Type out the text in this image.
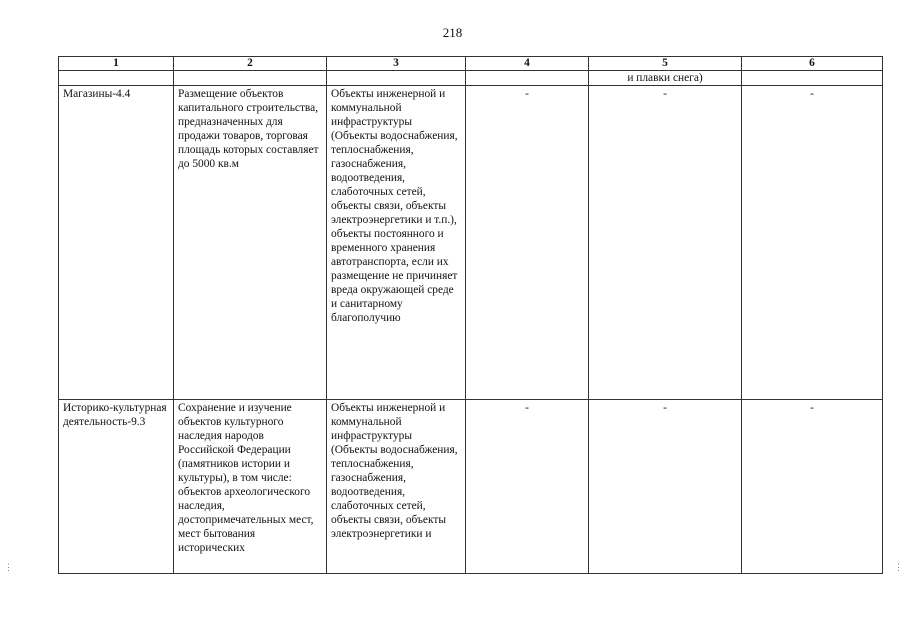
218
1	2	3	4	5	6
				и плавки снега)	
Магазины-4.4	Размещение объектов капитального строительства, предназначенных для продажи товаров, торговая площадь которых составляет до 5000 кв.м	Объекты инженерной и коммунальной инфраструктуры (Объекты водоснабжения, теплоснабжения, газоснабжения, водоотведения, слаботочных сетей, объекты связи, объекты электроэнергетики и т.п.), объекты постоянного и временного хранения автотранспорта, если их размещение не причиняет вреда окружающей среде и санитарному благополучию	-	-	-
Историко-культурная деятельность-9.3	Сохранение и изучение объектов культурного наследия народов Российской Федерации (памятников истории и культуры), в том числе: объектов археологического наследия, достопримечательных мест, мест бытования исторических	Объекты инженерной и коммунальной инфраструктуры (Объекты водоснабжения, теплоснабжения, газоснабжения, водоотведения, слаботочных сетей, объекты связи, объекты электроэнергетики и	-	-	-
⋮	⋮
